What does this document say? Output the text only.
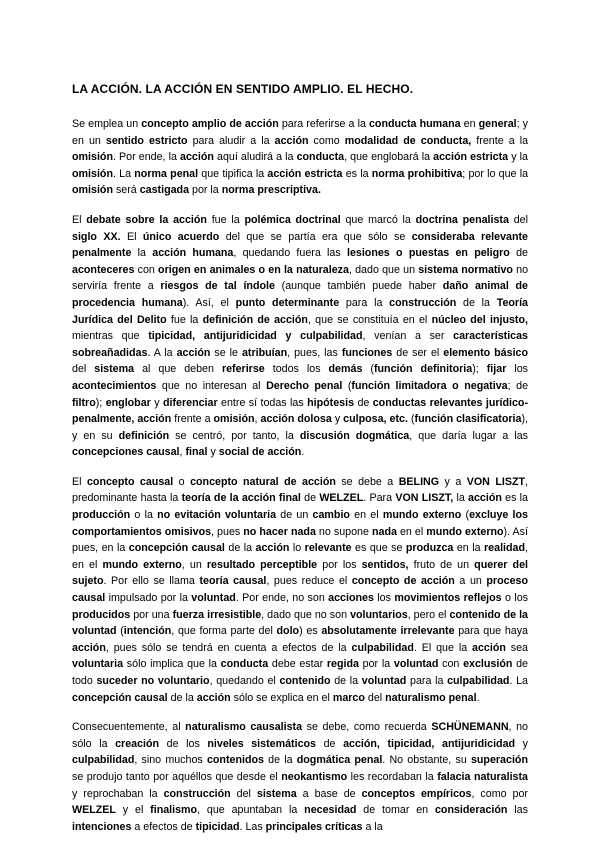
LA ACCIÓN. LA ACCIÓN EN SENTIDO AMPLIO. EL HECHO.

Se emplea un concepto amplio de acción para referirse a la conducta humana en general; y en un sentido estricto para aludir a la acción como modalidad de conducta, frente a la omisión. Por ende, la acción aquí aludirá a la conducta, que englobará la acción estricta y la omisión. La norma penal que tipifica la acción estricta es la norma prohibitiva; por lo que la omisión será castigada por la norma prescriptiva.

El debate sobre la acción fue la polémica doctrinal que marcó la doctrina penalista del siglo XX. El único acuerdo del que se partía era que sólo se consideraba relevante penalmente la acción humana, quedando fuera las lesiones o puestas en peligro de aconteceres con origen en animales o en la naturaleza, dado que un sistema normativo no serviría frente a riesgos de tal índole (aunque también puede haber daño animal de procedencia humana). Así, el punto determinante para la construcción de la Teoría Jurídica del Delito fue la definición de acción, que se constituía en el núcleo del injusto, mientras que tipicidad, antijuridicidad y culpabilidad, venían a ser características sobreañadidas. A la acción se le atribuían, pues, las funciones de ser el elemento básico del sistema al que deben referirse todos los demás (función definitoria); fijar los acontecimientos que no interesan al Derecho penal (función limitadora o negativa; de filtro); englobar y diferenciar entre sí todas las hipótesis de conductas relevantes jurídico-penalmente, acción frente a omisión, acción dolosa y culposa, etc. (función clasificatoria), y en su definición se centró, por tanto, la discusión dogmática, que daría lugar a las concepciones causal, final y social de acción.

El concepto causal o concepto natural de acción se debe a BELING y a VON LISZT, predominante hasta la teoría de la acción final de WELZEL. Para VON LISZT, la acción es la producción o la no evitación voluntaria de un cambio en el mundo externo (excluye los comportamientos omisivos, pues no hacer nada no supone nada en el mundo externo). Así pues, en la concepción causal de la acción lo relevante es que se produzca en la realidad, en el mundo externo, un resultado perceptible por los sentidos, fruto de un querer del sujeto. Por ello se llama teoría causal, pues reduce el concepto de acción a un proceso causal impulsado por la voluntad. Por ende, no son acciones los movimientos reflejos o los producidos por una fuerza irresistible, dado que no son voluntarios, pero el contenido de la voluntad (intención, que forma parte del dolo) es absolutamente irrelevante para que haya acción, pues sólo se tendrá en cuenta a efectos de la culpabilidad. El que la acción sea voluntaria sólo implica que la conducta debe estar regida por la voluntad con exclusión de todo suceder no voluntario, quedando el contenido de la voluntad para la culpabilidad. La concepción causal de la acción sólo se explica en el marco del naturalismo penal.

Consecuentemente, al naturalismo causalista se debe, como recuerda SCHÜNEMANN, no sólo la creación de los niveles sistemáticos de acción, tipicidad, antijuridicidad y culpabilidad, sino muchos contenidos de la dogmática penal. No obstante, su superación se produjo tanto por aquéllos que desde el neokantismo les recordaban la falacia naturalista y reprochaban la construcción del sistema a base de conceptos empíricos, como por WELZEL y el finalismo, que apuntaban la necesidad de tomar en consideración las intenciones a efectos de tipicidad. Las principales críticas a la
